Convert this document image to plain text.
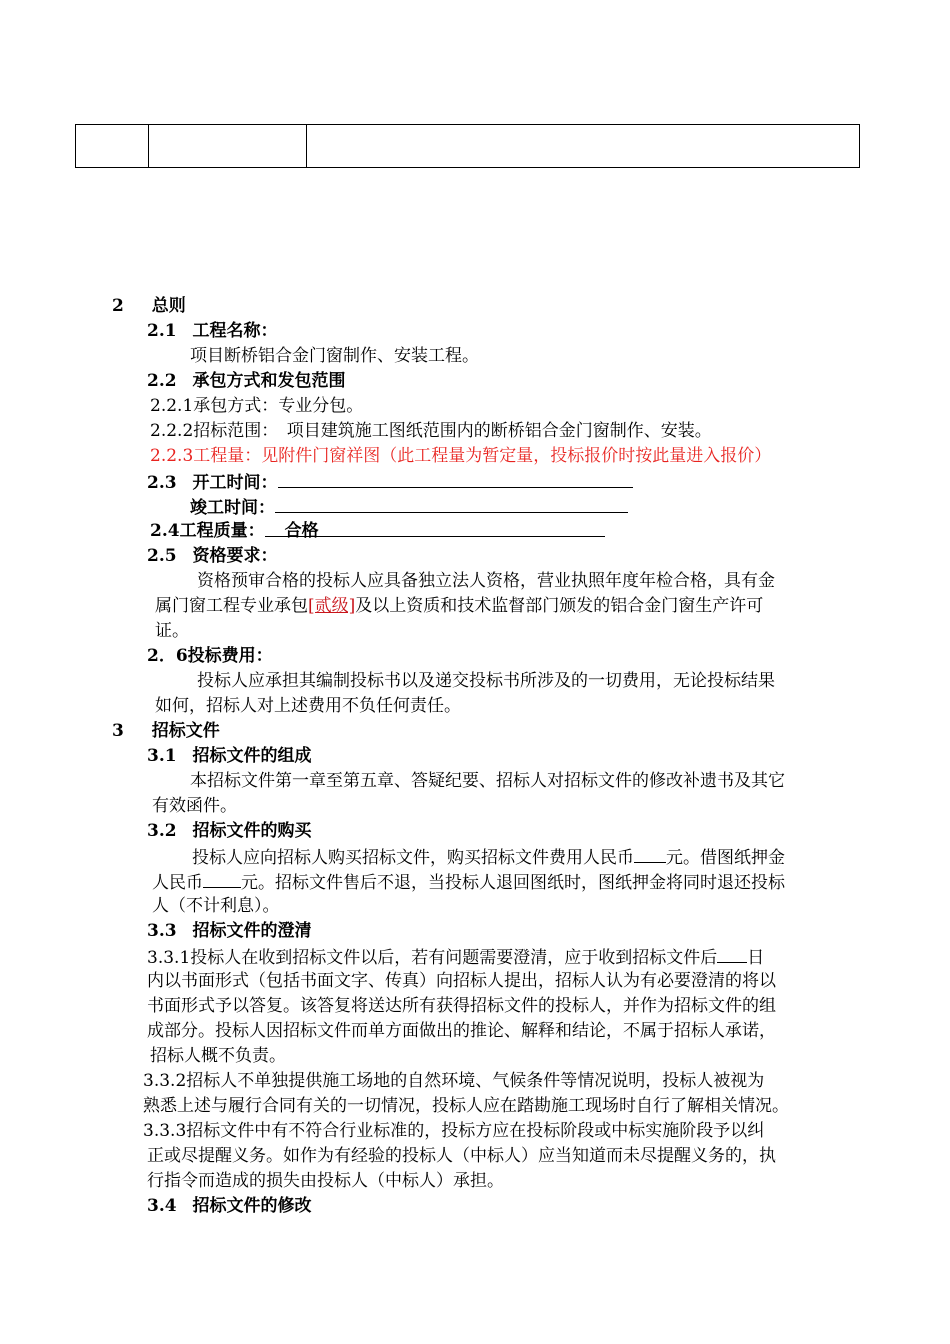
2 总则
2.1 工程名称：
项目断桥铝合金门窗制作、安装工程。
2.2 承包方式和发包范围
2.2.1承包方式：专业分包。
2.2.2招标范围：　项目建筑施工图纸范围内的断桥铝合金门窗制作、安装。
2.2.3工程量：见附件门窗祥图（此工程量为暂定量，投标报价时按此量进入报价）
2.3 开工时间：
竣工时间：
2.4工程质量： 合格
2.5 资格要求：
资格预审合格的投标人应具备独立法人资格，营业执照年度年检合格，具有金
属门窗工程专业承包[贰级]及以上资质和技术监督部门颁发的铝合金门窗生产许可
证。
2．6投标费用：
投标人应承担其编制投标书以及递交投标书所涉及的一切费用，无论投标结果
如何，招标人对上述费用不负任何责任。
3 招标文件
3.1 招标文件的组成
本招标文件第一章至第五章、答疑纪要、招标人对招标文件的修改补遗书及其它
有效函件。
3.2 招标文件的购买
投标人应向招标人购买招标文件，购买招标文件费用人民币 元。借图纸押金
人民币 元。招标文件售后不退，当投标人退回图纸时，图纸押金将同时退还投标
人（不计利息）。
3.3 招标文件的澄清
3.3.1投标人在收到招标文件以后，若有问题需要澄清，应于收到招标文件后 日
内以书面形式（包括书面文字、传真）向招标人提出，招标人认为有必要澄清的将以
书面形式予以答复。该答复将送达所有获得招标文件的投标人，并作为招标文件的组
成部分。投标人因招标文件而单方面做出的推论、解释和结论，不属于招标人承诺，
招标人概不负责。
3.3.2招标人不单独提供施工场地的自然环境、气候条件等情况说明，投标人被视为
熟悉上述与履行合同有关的一切情况，投标人应在踏勘施工现场时自行了解相关情况。
3.3.3招标文件中有不符合行业标准的，投标方应在投标阶段或中标实施阶段予以纠
正或尽提醒义务。如作为有经验的投标人（中标人）应当知道而未尽提醒义务的，执
行指令而造成的损失由投标人（中标人）承担。
3.4 招标文件的修改
